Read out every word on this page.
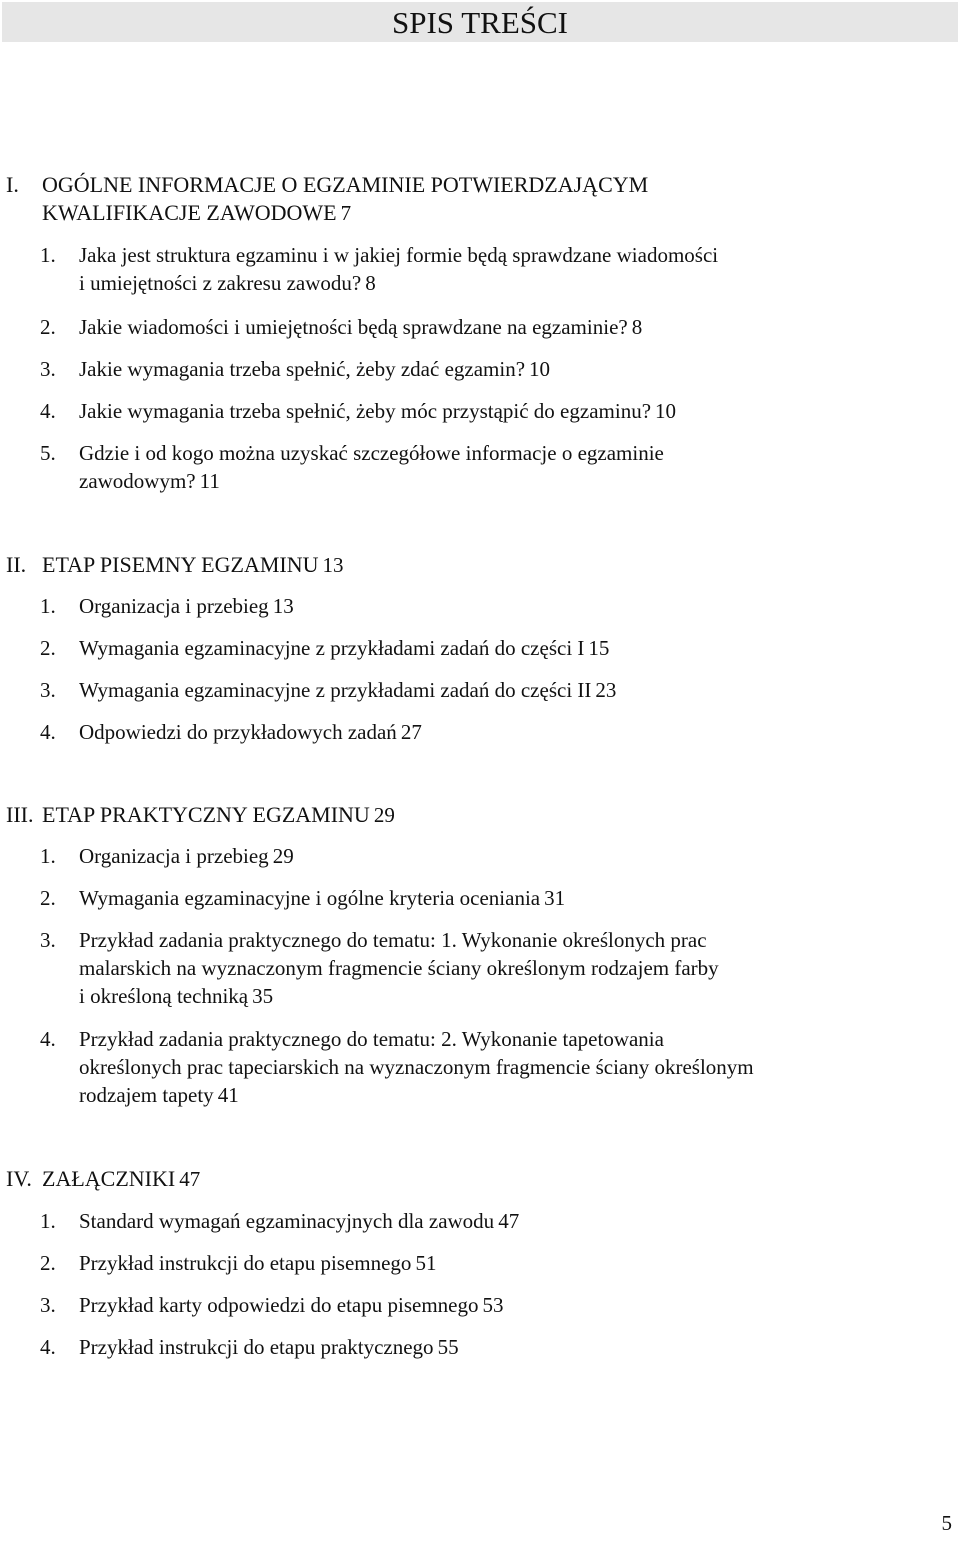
SPIS TREŚCI
I. OGÓLNE INFORMACJE O EGZAMINIE POTWIERDZAJĄCYM
KWALIFIKACJE ZAWODOWE 7
1. Jaka jest struktura egzaminu i w jakiej formie będą sprawdzane wiadomości
i umiejętności z zakresu zawodu? 8
2. Jakie wiadomości i umiejętności będą sprawdzane na egzaminie? 8
3. Jakie wymagania trzeba spełnić, żeby zdać egzamin? 10
4. Jakie wymagania trzeba spełnić, żeby móc przystąpić do egzaminu? 10
5. Gdzie i od kogo można uzyskać szczegółowe informacje o egzaminie
zawodowym? 11
II. ETAP PISEMNY EGZAMINU 13
1. Organizacja i przebieg 13
2. Wymagania egzaminacyjne z przykładami zadań do części I 15
3. Wymagania egzaminacyjne z przykładami zadań do części II 23
4. Odpowiedzi do przykładowych zadań 27
III. ETAP PRAKTYCZNY EGZAMINU 29
1. Organizacja i przebieg 29
2. Wymagania egzaminacyjne i ogólne kryteria oceniania 31
3. Przykład zadania praktycznego do tematu: 1. Wykonanie określonych prac
malarskich na wyznaczonym fragmencie ściany określonym rodzajem farby
i określoną techniką 35
4. Przykład zadania praktycznego do tematu: 2. Wykonanie tapetowania
określonych prac tapeciarskich na wyznaczonym fragmencie ściany określonym
rodzajem tapety 41
IV. ZAŁĄCZNIKI 47
1. Standard wymagań egzaminacyjnych dla zawodu 47
2. Przykład instrukcji do etapu pisemnego 51
3. Przykład karty odpowiedzi do etapu pisemnego 53
4. Przykład instrukcji do etapu praktycznego 55
5
